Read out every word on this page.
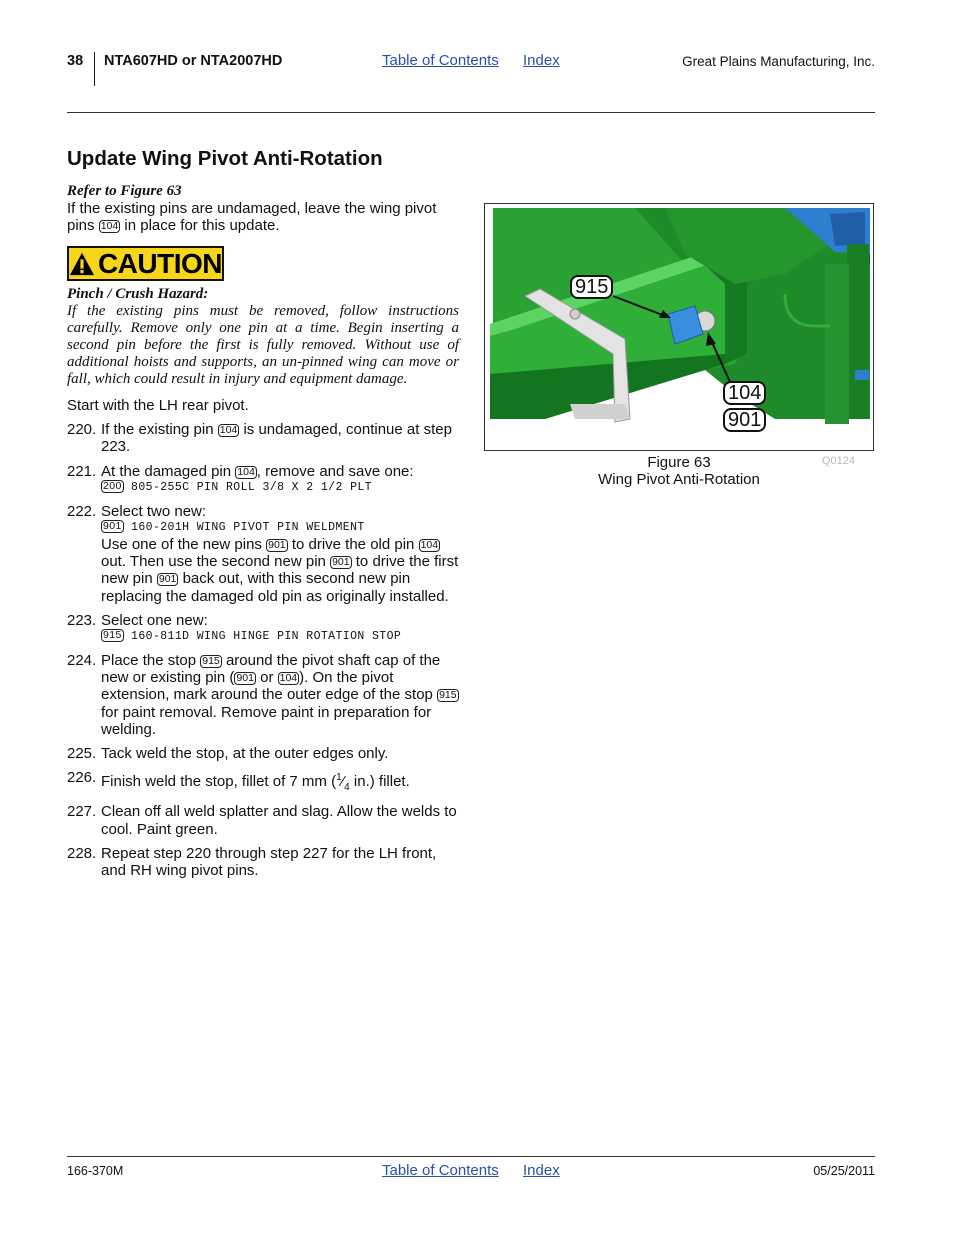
38 NTA607HD or NTA2007HD	Table of Contents Index	Great Plains Manufacturing, Inc.
Update Wing Pivot Anti-Rotation
Refer to Figure 63
If the existing pins are undamaged, leave the wing pivot pins 104 in place for this update.
CAUTION
Pinch / Crush Hazard:
If the existing pins must be removed, follow instructions carefully. Remove only one pin at a time. Begin inserting a second pin before the first is fully removed. Without use of additional hoists and supports, an un-pinned wing can move or fall, which could result in injury and equipment damage.
Start with the LH rear pivot.
220. If the existing pin 104 is undamaged, continue at step 223.
221. At the damaged pin 104 , remove and save one:
200 805-255C PIN ROLL 3/8 X 2 1/2 PLT
222. Select two new:
901 160-201H WING PIVOT PIN WELDMENT
Use one of the new pins 901 to drive the old pin 104 out. Then use the second new pin 901 to drive the first new pin 901 back out, with this second new pin replacing the damaged old pin as originally installed.
223. Select one new:
915 160-811D WING HINGE PIN ROTATION STOP
224. Place the stop 915 around the pivot shaft cap of the new or existing pin ( 901 or 104 ). On the pivot extension, mark around the outer edge of the stop 915 for paint removal. Remove paint in preparation for welding.
225. Tack weld the stop, at the outer edges only.
226. Finish weld the stop, fillet of 7 mm ($^1⁄_4$ in.) fillet.
227. Clean off all weld splatter and slag. Allow the welds to cool. Paint green.
228. Repeat step 220 through step 227 for the LH front, and RH wing pivot pins.
915
104
901
Figure 63
Wing Pivot Anti-Rotation
Q0124
166-370M	Table of Contents Index	05/25/2011
